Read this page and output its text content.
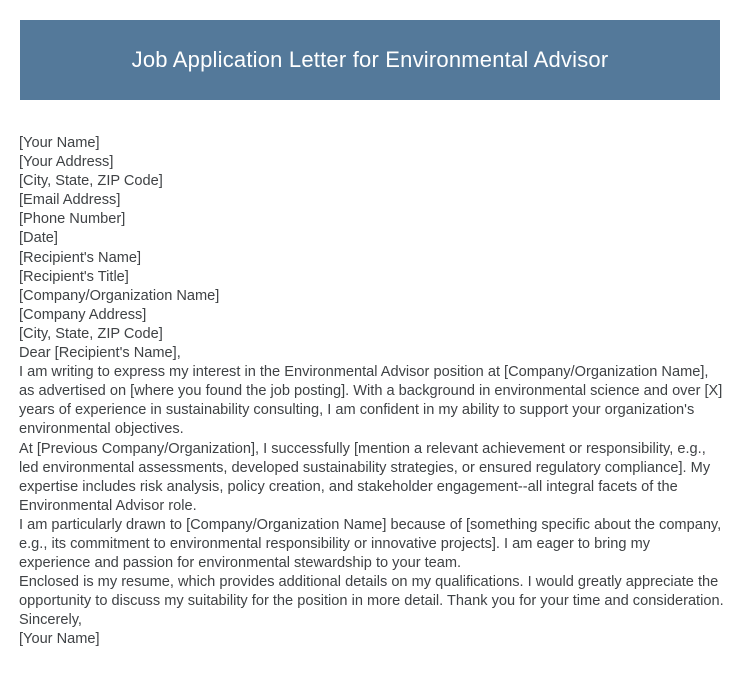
Job Application Letter for Environmental Advisor
[Your Name]
[Your Address]
[City, State, ZIP Code]
[Email Address]
[Phone Number]
[Date]
[Recipient's Name]
[Recipient's Title]
[Company/Organization Name]
[Company Address]
[City, State, ZIP Code]
Dear [Recipient's Name],

I am writing to express my interest in the Environmental Advisor position at [Company/Organization Name], as advertised on [where you found the job posting]. With a background in environmental science and over [X] years of experience in sustainability consulting, I am confident in my ability to support your organization's environmental objectives.

At [Previous Company/Organization], I successfully [mention a relevant achievement or responsibility, e.g., led environmental assessments, developed sustainability strategies, or ensured regulatory compliance]. My expertise includes risk analysis, policy creation, and stakeholder engagement--all integral facets of the Environmental Advisor role.

I am particularly drawn to [Company/Organization Name] because of [something specific about the company, e.g., its commitment to environmental responsibility or innovative projects]. I am eager to bring my experience and passion for environmental stewardship to your team.

Enclosed is my resume, which provides additional details on my qualifications. I would greatly appreciate the opportunity to discuss my suitability for the position in more detail. Thank you for your time and consideration.

Sincerely,
[Your Name]
